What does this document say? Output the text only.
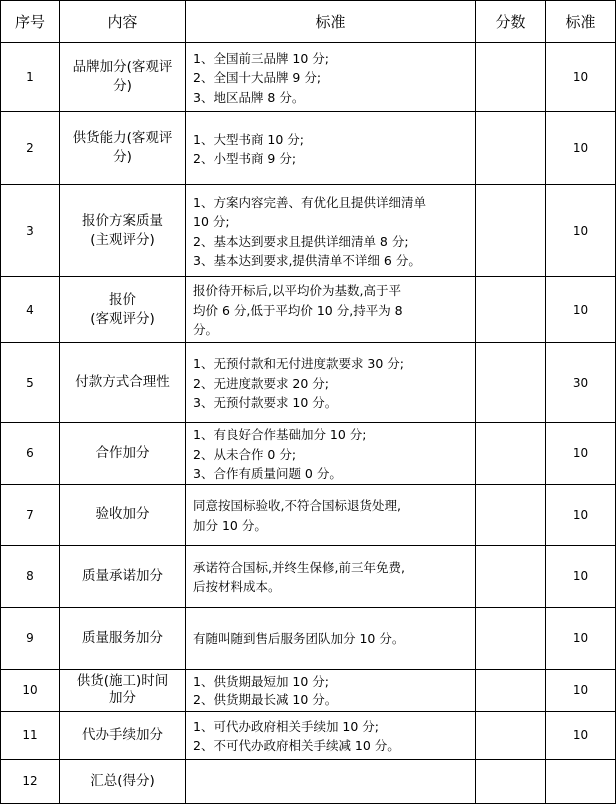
序号	内容	标准	分数	标准
1	品牌加分(客观评
分)	1、全国前三品牌 10 分;
2、全国十大品牌 9 分;
3、地区品牌 8 分。		10
2	供货能力(客观评
分)	1、大型书商 10 分;
2、小型书商 9 分;		10
3	报价方案质量
(主观评分)	1、方案内容完善、有优化且提供详细清单
10 分;
2、基本达到要求且提供详细清单 8 分;
3、基本达到要求,提供清单不详细 6 分。		10
4	报价
(客观评分)	报价待开标后,以平均价为基数,高于平
均价 6 分,低于平均价 10 分,持平为 8
分。		10
5	付款方式合理性	1、无预付款和无付进度款要求 30 分;
2、无进度款要求 20 分;
3、无预付款要求 10 分。		30
6	合作加分	1、有良好合作基础加分 10 分;
2、从未合作 0 分;
3、合作有质量问题 0 分。		10
7	验收加分	同意按国标验收,不符合国标退货处理,
加分 10 分。		10
8	质量承诺加分	承诺符合国标,并终生保修,前三年免费,
后按材料成本。		10
9	质量服务加分	有随叫随到售后服务团队加分 10 分。		10
10	供货(施工)时间
加分	1、供货期最短加 10 分;
2、供货期最长减 10 分。		10
11	代办手续加分	1、可代办政府相关手续加 10 分;
2、不可代办政府相关手续减 10 分。		10
12	汇总(得分)			
